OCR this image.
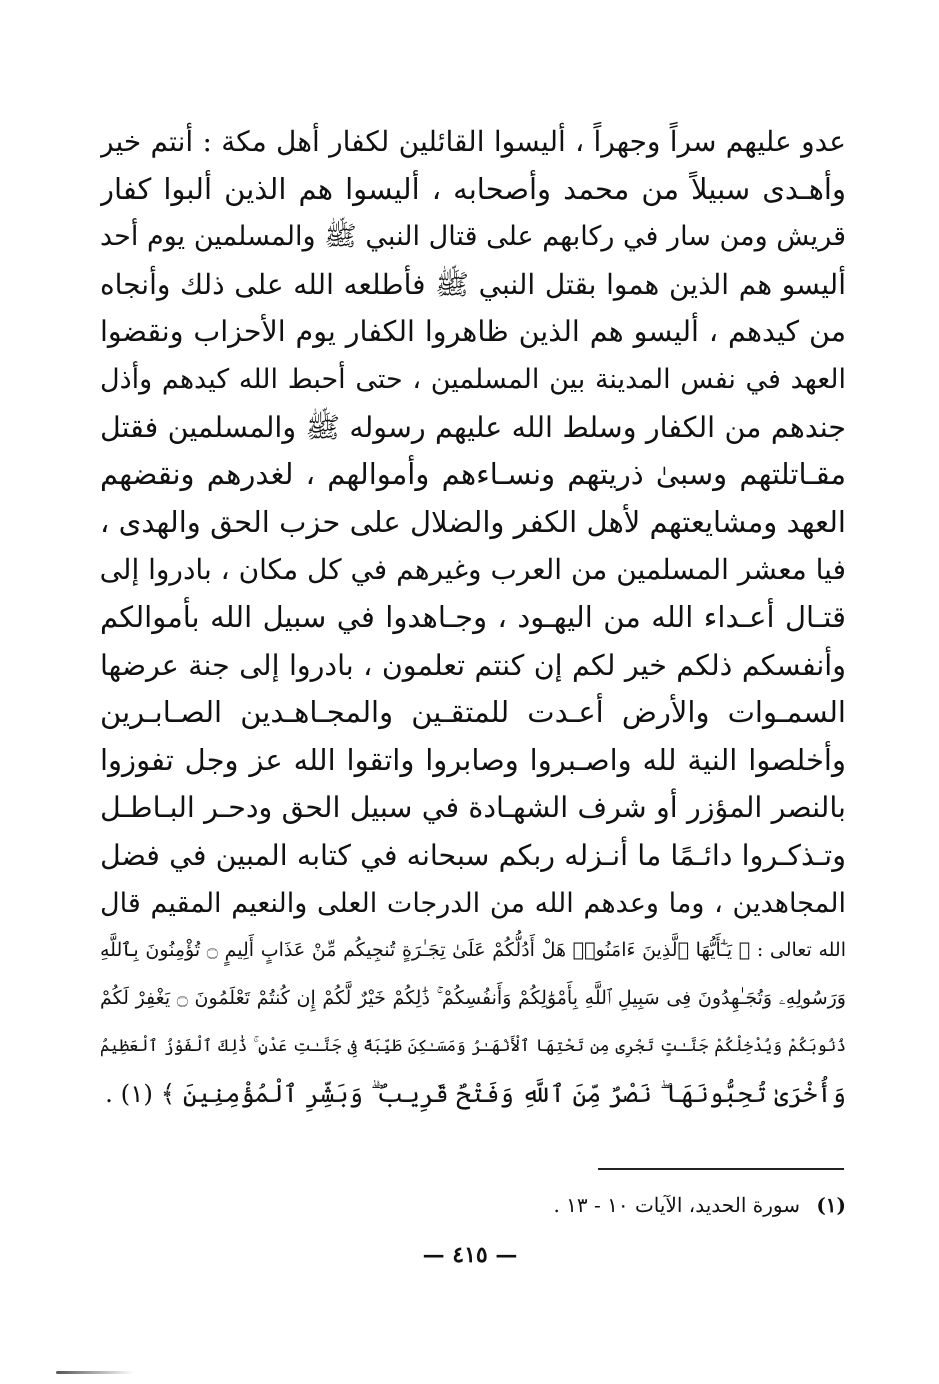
عدو عليهم سراً وجهراً ، أليسوا القائلين لكفار أهل مكة : أنتم خير
وأهـدى سبيلاً من محمد وأصحابه ، أليسوا هم الذين ألبوا كفار
قريش ومن سار في ركابهم على قتال النبي ﷺ والمسلمين يوم أحد
أليسو هم الذين هموا بقتل النبي ﷺ فأطلعه الله على ذلك وأنجاه
من كيدهم ، أليسو هم الذين ظاهروا الكفار يوم الأحزاب ونقضوا
العهد في نفس المدينة بين المسلمين ، حتى أحبط الله كيدهم وأذل
جندهم من الكفار وسلط الله عليهم رسوله ﷺ والمسلمين فقتل
مقـاتلتهم وسبىٰ ذريتهم ونسـاءهم وأموالهم ، لغدرهم ونقضهم
العهد ومشايعتهم لأهل الكفر والضلال على حزب الحق والهدى ،
فيا معشر المسلمين من العرب وغيرهم في كل مكان ، بادروا إلى
قتـال أعـداء الله من اليهـود ، وجـاهدوا في سبيل الله بأموالكم
وأنفسكم ذلكم خير لكم إن كنتم تعلمون ، بادروا إلى جنة عرضها
السمـوات والأرض أعـدت للمتقـين والمجـاهـدين الصـابـرين
وأخلصوا النية لله واصـبروا وصابروا واتقوا الله عز وجل تفوزوا
بالنصر المؤزر أو شرف الشهـادة في سبيل الحق ودحـر البـاطـل
وتـذكـروا دائـمًا ما أنـزله ربكم سبحانه في كتابه المبين في فضل
المجاهدين ، وما وعدهم الله من الدرجات العلى والنعيم المقيم قال
الله تعالى : ﴿ يَـٰٓأَيُّهَا ٱلَّذِينَ ءَامَنُوا۟ هَلْ أَدُلُّكُمْ عَلَىٰ تِجَـٰرَةٍ تُنجِيكُم مِّنْ عَذَابٍ أَلِيمٍ ۝ تُؤْمِنُونَ بِٱللَّهِ
وَرَسُولِهِۦ وَتُجَـٰهِدُونَ فِى سَبِيلِ ٱللَّهِ بِأَمْوَٰلِكُمْ وَأَنفُسِكُمْ ۚ ذَٰلِكُمْ خَيْرٌ لَّكُمْ إِن كُنتُمْ تَعْلَمُونَ ۝ يَغْفِرْ لَكُمْ
ذُنُوبَكُمْ وَيُدْخِلْكُمْ جَنَّـٰتٍ تَجْرِى مِن تَحْتِهَا ٱلْأَنْهَـٰرُ وَمَسَـٰكِنَ طَيِّبَةً فِى جَنَّـٰتِ عَدْنٍ ۚ ذَٰلِكَ ٱلْفَوْزُ ٱلْعَظِيمُ
وَأُخْرَىٰ تُحِبُّونَهَا ۖ نَصْرٌ مِّنَ ٱللَّهِ وَفَتْحٌ قَرِيبٌ ۗ وَبَشِّرِ ٱلْمُؤْمِنِينَ ﴾ (١) .
(١) سورة الحديد، الآيات ١٠ - ١٣ .
— ٤١٥ —
